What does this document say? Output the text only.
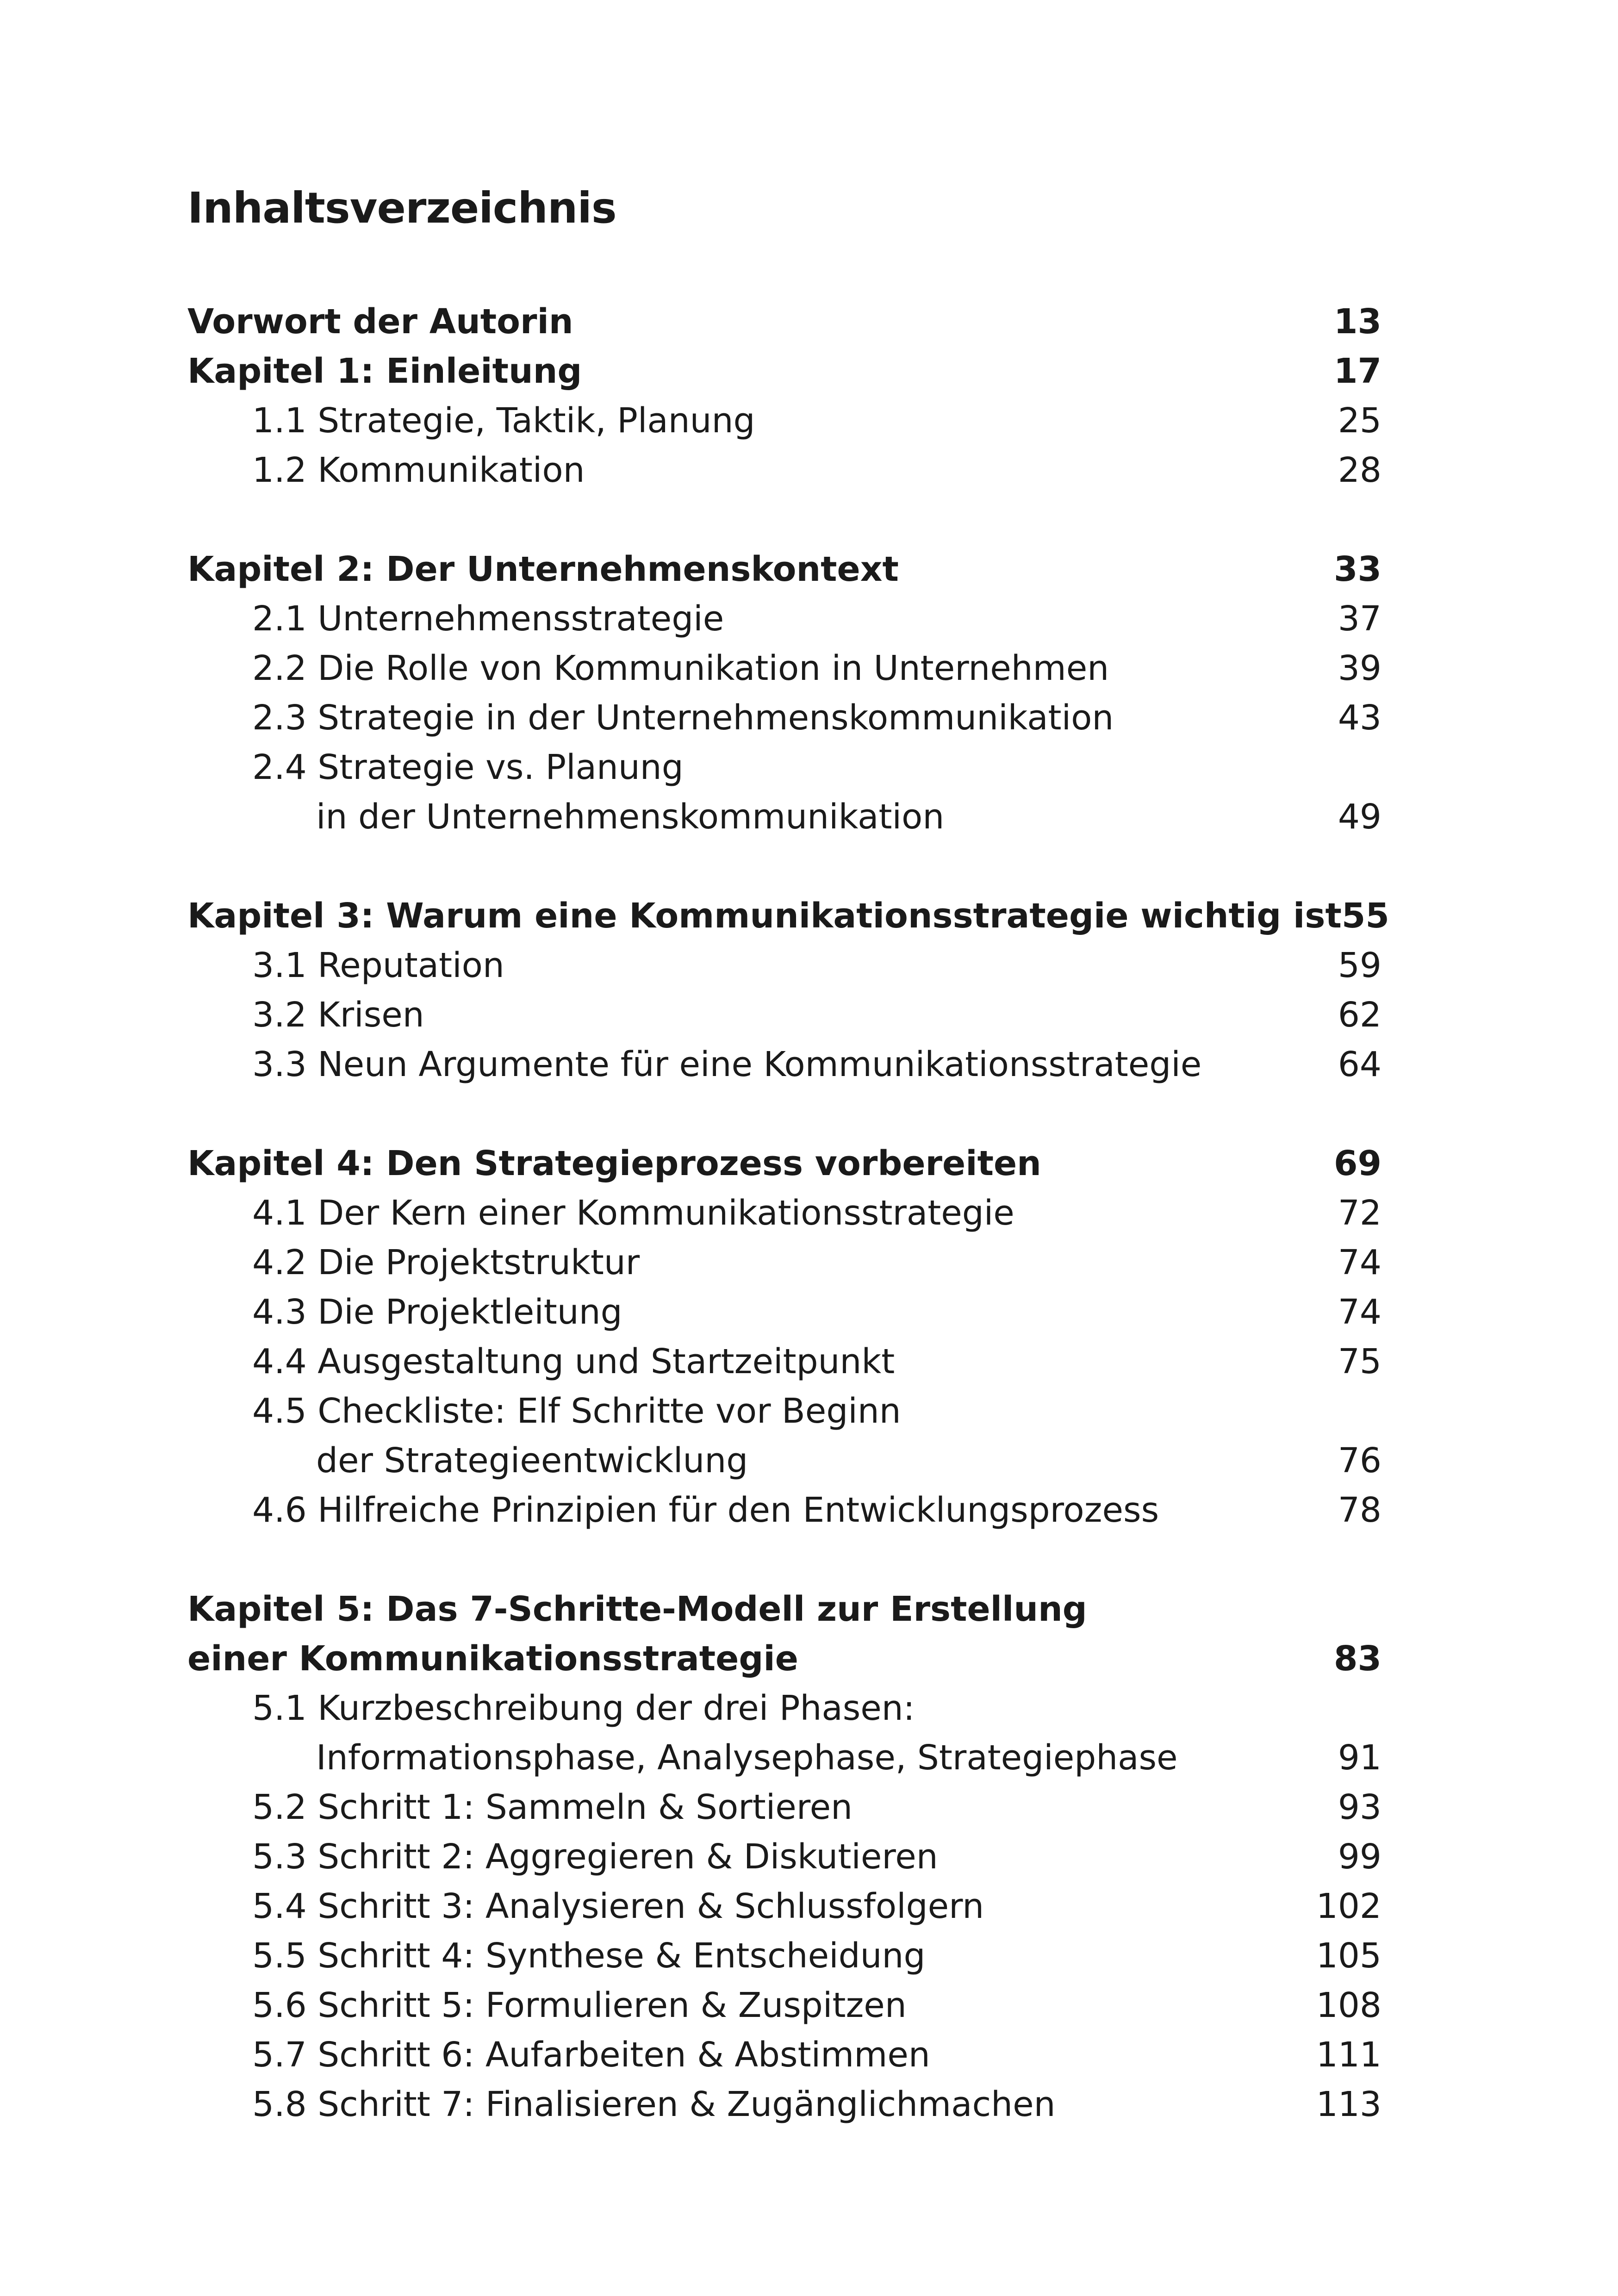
Inhaltsverzeichnis
Vorwort der Autorin	13
Kapitel 1: Einleitung	17
1.1 Strategie, Taktik, Planung	25
1.2 Kommunikation	28
Kapitel 2: Der Unternehmenskontext	33
2.1 Unternehmensstrategie	37
2.2 Die Rolle von Kommunikation in Unternehmen	39
2.3 Strategie in der Unternehmenskommunikation	43
2.4 Strategie vs. Planung
in der Unternehmenskommunikation	49
Kapitel 3: Warum eine Kommunikationsstrategie wichtig ist 55
3.1 Reputation	59
3.2 Krisen	62
3.3 Neun Argumente für eine Kommunikationsstrategie	64
Kapitel 4: Den Strategieprozess vorbereiten	69
4.1 Der Kern einer Kommunikationsstrategie	72
4.2 Die Projektstruktur	74
4.3 Die Projektleitung	74
4.4 Ausgestaltung und Startzeitpunkt	75
4.5 Checkliste: Elf Schritte vor Beginn
der Strategieentwicklung	76
4.6 Hilfreiche Prinzipien für den Entwicklungsprozess	78
Kapitel 5: Das 7-Schritte-Modell zur Erstellung
einer Kommunikationsstrategie	83
5.1 Kurzbeschreibung der drei Phasen:
Informationsphase, Analysephase, Strategiephase	91
5.2 Schritt 1: Sammeln & Sortieren	93
5.3 Schritt 2: Aggregieren & Diskutieren	99
5.4 Schritt 3: Analysieren & Schlussfolgern	102
5.5 Schritt 4: Synthese & Entscheidung	105
5.6 Schritt 5: Formulieren & Zuspitzen	108
5.7 Schritt 6: Aufarbeiten & Abstimmen	111
5.8 Schritt 7: Finalisieren & Zugänglichmachen	113
